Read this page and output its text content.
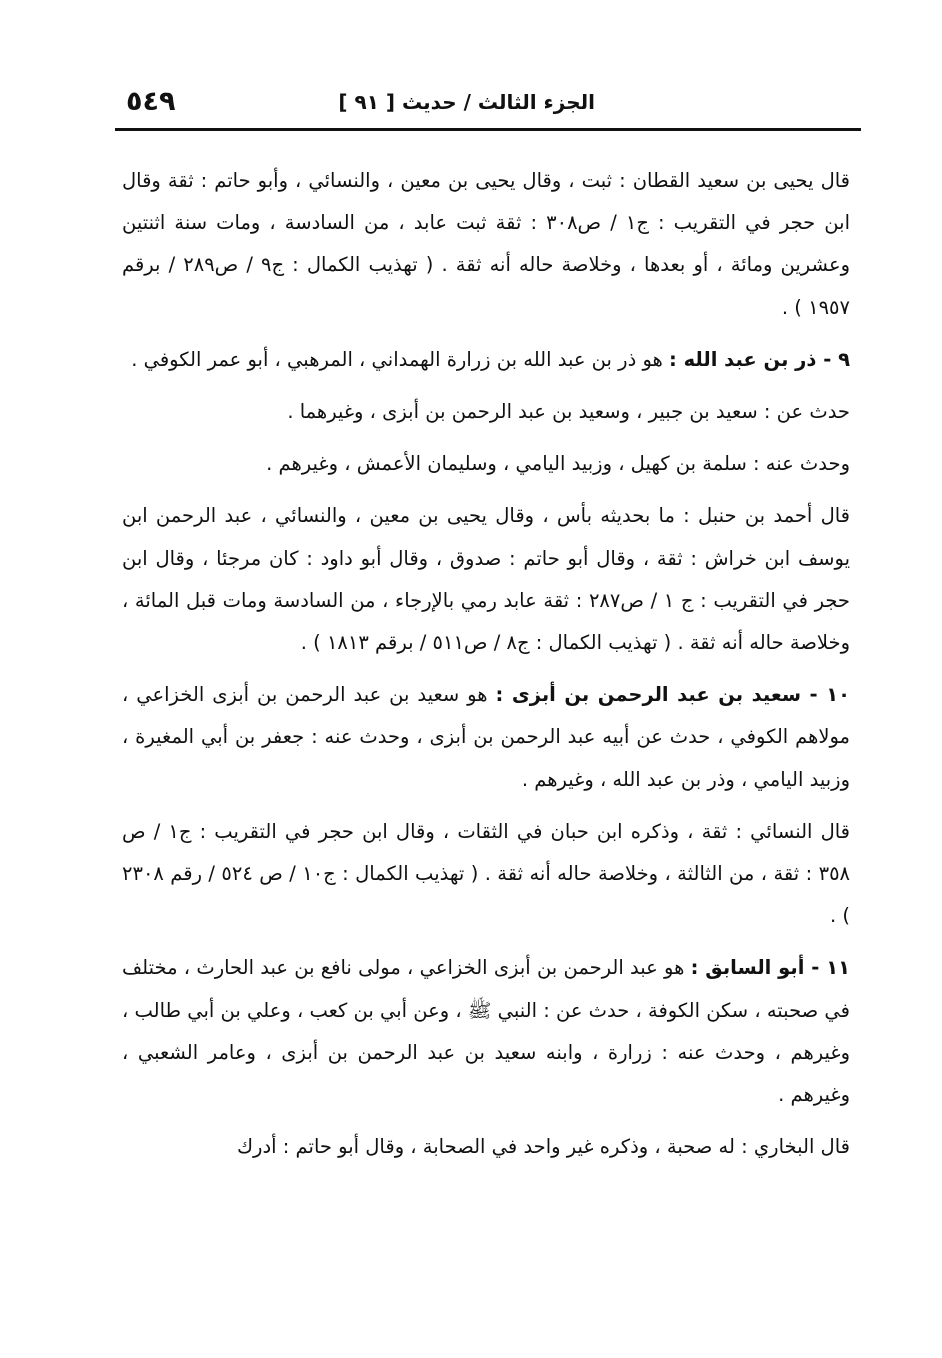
٥٤٩	الجزء الثالث / حديث [ ٩١ ]

قال يحيى بن سعيد القطان : ثبت ، وقال يحيى بن معين ، والنسائي ، وأبو حاتم : ثقة وقال ابن حجر في التقريب : ج١ / ص٣٠٨ : ثقة ثبت عابد ، من السادسة ، ومات سنة اثنتين وعشرين ومائة ، أو بعدها ، وخلاصة حاله أنه ثقة . ( تهذيب الكمال : ج٩ / ص٢٨٩ / برقم ١٩٥٧ ) .

٩ - ذر بن عبد الله : هو ذر بن عبد الله بن زرارة الهمداني ، المرهبي ، أبو عمر الكوفي .

حدث عن : سعيد بن جبير ، وسعيد بن عبد الرحمن بن أبزى ، وغيرهما .

وحدث عنه : سلمة بن كهيل ، وزبيد اليامي ، وسليمان الأعمش ، وغيرهم .

قال أحمد بن حنبل : ما بحديثه بأس ، وقال يحيى بن معين ، والنسائي ، عبد الرحمن ابن يوسف ابن خراش : ثقة ، وقال أبو حاتم : صدوق ، وقال أبو داود : كان مرجئا ، وقال ابن حجر في التقريب : ج ١ / ص٢٨٧ : ثقة عابد رمي بالإرجاء ، من السادسة ومات قبل المائة ، وخلاصة حاله أنه ثقة . ( تهذيب الكمال : ج٨ / ص٥١١ / برقم ١٨١٣ ) .

١٠ - سعيد بن عبد الرحمن بن أبزى : هو سعيد بن عبد الرحمن بن أبزى الخزاعي ، مولاهم الكوفي ، حدث عن أبيه عبد الرحمن بن أبزى ، وحدث عنه : جعفر بن أبي المغيرة ، وزبيد اليامي ، وذر بن عبد الله ، وغيرهم .

قال النسائي : ثقة ، وذكره ابن حبان في الثقات ، وقال ابن حجر في التقريب : ج١ / ص ٣٥٨ : ثقة ، من الثالثة ، وخلاصة حاله أنه ثقة . ( تهذيب الكمال : ج١٠ / ص ٥٢٤ / رقم ٢٣٠٨ ) .

١١ - أبو السابق : هو عبد الرحمن بن أبزى الخزاعي ، مولى نافع بن عبد الحارث ، مختلف في صحبته ، سكن الكوفة ، حدث عن : النبي ﷺ ، وعن أبي بن كعب ، وعلي بن أبي طالب ، وغيرهم ، وحدث عنه : زرارة ، وابنه سعيد بن عبد الرحمن بن أبزى ، وعامر الشعبي ، وغيرهم .

قال البخاري : له صحبة ، وذكره غير واحد في الصحابة ، وقال أبو حاتم : أدرك
